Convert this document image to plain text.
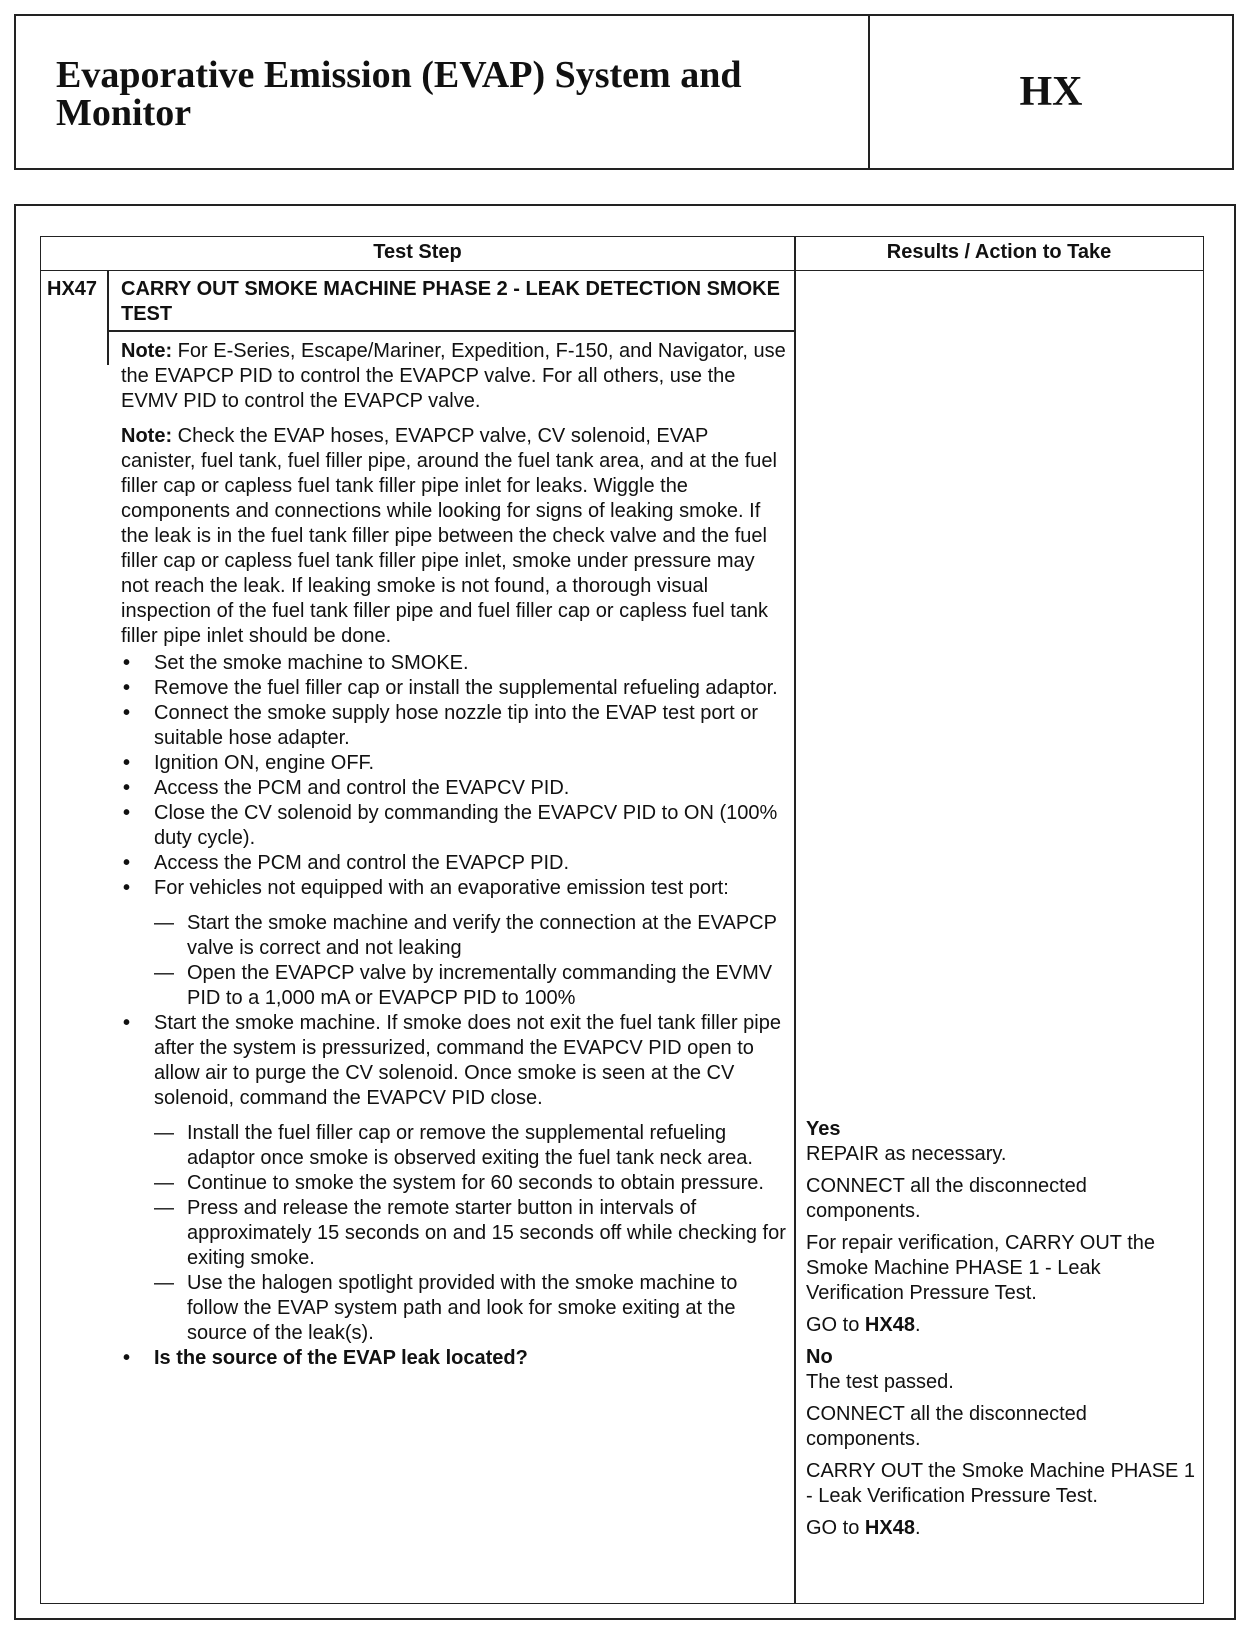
Evaporative Emission (EVAP) System and Monitor	HX
Test Step	Results / Action to Take
HX47 CARRY OUT SMOKE MACHINE PHASE 2 - LEAK DETECTION SMOKE TEST

Note: For E-Series, Escape/Mariner, Expedition, F-150, and Navigator, use the EVAPCP PID to control the EVAPCP valve. For all others, use the EVMV PID to control the EVAPCP valve.

Note: Check the EVAP hoses, EVAPCP valve, CV solenoid, EVAP canister, fuel tank, fuel filler pipe, around the fuel tank area, and at the fuel filler cap or capless fuel tank filler pipe inlet for leaks. Wiggle the components and connections while looking for signs of leaking smoke. If the leak is in the fuel tank filler pipe between the check valve and the fuel filler cap or capless fuel tank filler pipe inlet, smoke under pressure may not reach the leak. If leaking smoke is not found, a thorough visual inspection of the fuel tank filler pipe and fuel filler cap or capless fuel tank filler pipe inlet should be done.

• Set the smoke machine to SMOKE.
• Remove the fuel filler cap or install the supplemental refueling adaptor.
• Connect the smoke supply hose nozzle tip into the EVAP test port or suitable hose adapter.
• Ignition ON, engine OFF.
• Access the PCM and control the EVAPCV PID.
• Close the CV solenoid by commanding the EVAPCV PID to ON (100% duty cycle).
• Access the PCM and control the EVAPCP PID.
• For vehicles not equipped with an evaporative emission test port:
— Start the smoke machine and verify the connection at the EVAPCP valve is correct and not leaking
— Open the EVAPCP valve by incrementally commanding the EVMV PID to a 1,000 mA or EVAPCP PID to 100%
• Start the smoke machine. If smoke does not exit the fuel tank filler pipe after the system is pressurized, command the EVAPCV PID open to allow air to purge the CV solenoid. Once smoke is seen at the CV solenoid, command the EVAPCV PID close.
— Install the fuel filler cap or remove the supplemental refueling adaptor once smoke is observed exiting the fuel tank neck area.
— Continue to smoke the system for 60 seconds to obtain pressure.
— Press and release the remote starter button in intervals of approximately 15 seconds on and 15 seconds off while checking for exiting smoke.
— Use the halogen spotlight provided with the smoke machine to follow the EVAP system path and look for smoke exiting at the source of the leak(s).
• Is the source of the EVAP leak located?
Yes
REPAIR as necessary.
CONNECT all the disconnected components.
For repair verification, CARRY OUT the Smoke Machine PHASE 1 - Leak Verification Pressure Test.
GO to HX48.
No
The test passed.
CONNECT all the disconnected components.
CARRY OUT the Smoke Machine PHASE 1 - Leak Verification Pressure Test.
GO to HX48.
